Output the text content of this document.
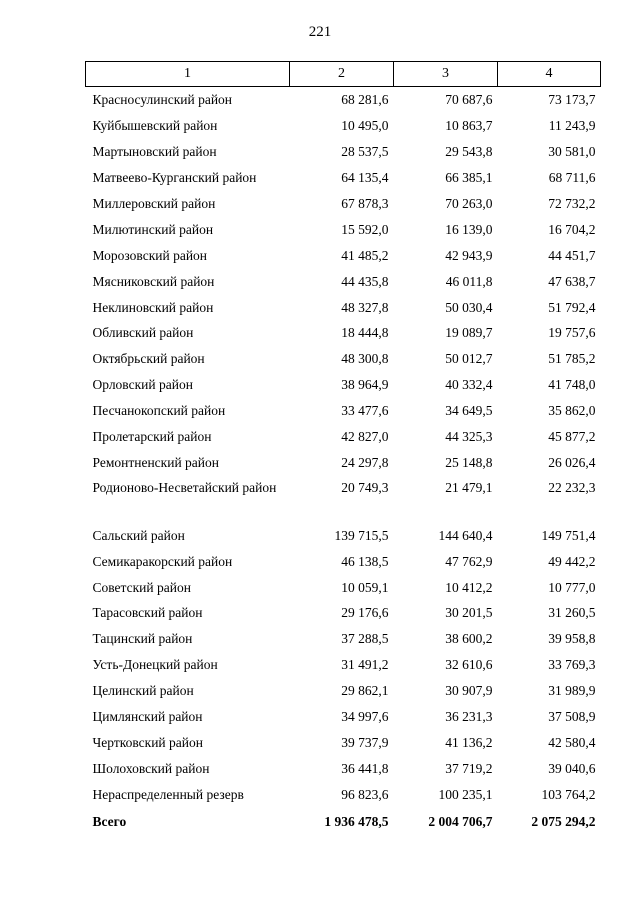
221
1	2	3	4
Красносулинский район	68 281,6	70 687,6	73 173,7
Куйбышевский район	10 495,0	10 863,7	11 243,9
Мартыновский район	28 537,5	29 543,8	30 581,0
Матвеево-Курганский район	64 135,4	66 385,1	68 711,6
Миллеровский район	67 878,3	70 263,0	72 732,2
Милютинский район	15 592,0	16 139,0	16 704,2
Морозовский район	41 485,2	42 943,9	44 451,7
Мясниковский район	44 435,8	46 011,8	47 638,7
Неклиновский район	48 327,8	50 030,4	51 792,4
Обливский район	18 444,8	19 089,7	19 757,6
Октябрьский район	48 300,8	50 012,7	51 785,2
Орловский район	38 964,9	40 332,4	41 748,0
Песчанокопский район	33 477,6	34 649,5	35 862,0
Пролетарский район	42 827,0	44 325,3	45 877,2
Ремонтненский район	24 297,8	25 148,8	26 026,4
Родионово-Несветайский район	20 749,3	21 479,1	22 232,3
Сальский район	139 715,5	144 640,4	149 751,4
Семикаракорский район	46 138,5	47 762,9	49 442,2
Советский район	10 059,1	10 412,2	10 777,0
Тарасовский район	29 176,6	30 201,5	31 260,5
Тацинский район	37 288,5	38 600,2	39 958,8
Усть-Донецкий район	31 491,2	32 610,6	33 769,3
Целинский район	29 862,1	30 907,9	31 989,9
Цимлянский район	34 997,6	36 231,3	37 508,9
Чертковский район	39 737,9	41 136,2	42 580,4
Шолоховский район	36 441,8	37 719,2	39 040,6
Нераспределенный резерв	96 823,6	100 235,1	103 764,2
Всего	1 936 478,5	2 004 706,7	2 075 294,2
